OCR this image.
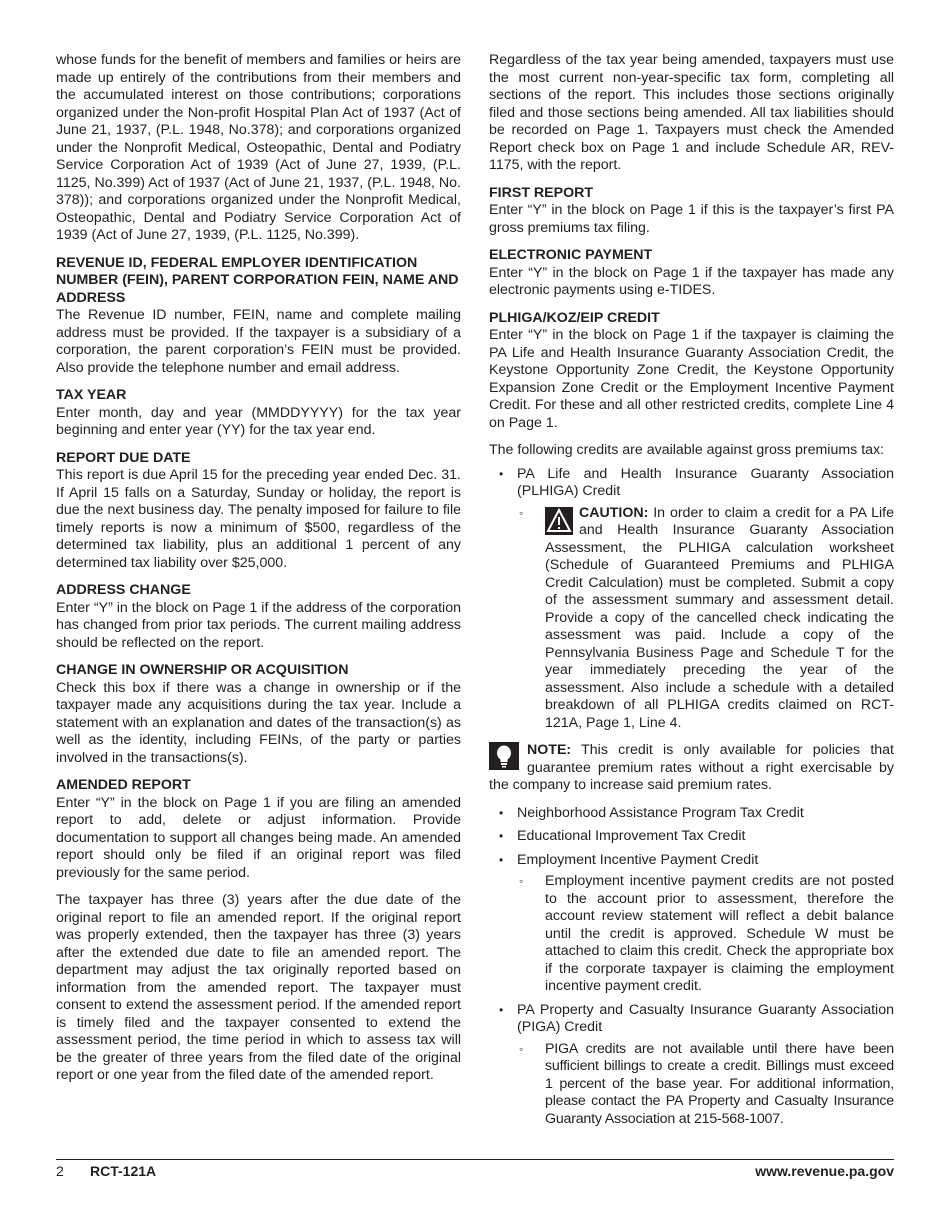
whose funds for the benefit of members and families or heirs are made up entirely of the contributions from their members and the accumulated interest on those contributions; corporations organized under the Non-profit Hospital Plan Act of 1937 (Act of June 21, 1937, (P.L. 1948, No.378); and corporations organized under the Nonprofit Medical, Osteopathic, Dental and Podiatry Service Corporation Act of 1939 (Act of June 27, 1939, (P.L. 1125, No.399) Act of 1937 (Act of June 21, 1937, (P.L. 1948, No. 378)); and corporations organized under the Nonprofit Medical, Osteopathic, Dental and Podiatry Service Corporation Act of 1939 (Act of June 27, 1939, (P.L. 1125, No.399).

REVENUE ID, FEDERAL EMPLOYER IDENTIFICATION NUMBER (FEIN), PARENT CORPORATION FEIN, NAME AND ADDRESS

The Revenue ID number, FEIN, name and complete mailing address must be provided. If the taxpayer is a subsidiary of a corporation, the parent corporation’s FEIN must be provided. Also provide the telephone number and email address.

TAX YEAR

Enter month, day and year (MMDDYYYY) for the tax year beginning and enter year (YY) for the tax year end.

REPORT DUE DATE

This report is due April 15 for the preceding year ended Dec. 31. If April 15 falls on a Saturday, Sunday or holiday, the report is due the next business day. The penalty imposed for failure to file timely reports is now a minimum of $500, regardless of the determined tax liability, plus an additional 1 percent of any determined tax liability over $25,000.

ADDRESS CHANGE

Enter “Y” in the block on Page 1 if the address of the corporation has changed from prior tax periods. The current mailing address should be reflected on the report.

CHANGE IN OWNERSHIP OR ACQUISITION

Check this box if there was a change in ownership or if the taxpayer made any acquisitions during the tax year. Include a statement with an explanation and dates of the transaction(s) as well as the identity, including FEINs, of the party or parties involved in the transactions(s).

AMENDED REPORT

Enter “Y” in the block on Page 1 if you are filing an amended report to add, delete or adjust information. Provide documentation to support all changes being made. An amended report should only be filed if an original report was filed previously for the same period.

The taxpayer has three (3) years after the due date of the original report to file an amended report. If the original report was properly extended, then the taxpayer has three (3) years after the extended due date to file an amended report. The department may adjust the tax originally reported based on information from the amended report. The taxpayer must consent to extend the assessment period. If the amended report is timely filed and the taxpayer consented to extend the assessment period, the time period in which to assess tax will be the greater of three years from the filed date of the original report or one year from the filed date of the amended report.

Regardless of the tax year being amended, taxpayers must use the most current non-year-specific tax form, completing all sections of the report. This includes those sections originally filed and those sections being amended. All tax liabilities should be recorded on Page 1. Taxpayers must check the Amended Report check box on Page 1 and include Schedule AR, REV-1175, with the report.

FIRST REPORT

Enter “Y” in the block on Page 1 if this is the taxpayer’s first PA gross premiums tax filing.

ELECTRONIC PAYMENT

Enter “Y” in the block on Page 1 if the taxpayer has made any electronic payments using e-TIDES.

PLHIGA/KOZ/EIP CREDIT

Enter “Y” in the block on Page 1 if the taxpayer is claiming the PA Life and Health Insurance Guaranty Association Credit, the Keystone Opportunity Zone Credit, the Keystone Opportunity Expansion Zone Credit or the Employment Incentive Payment Credit. For these and all other restricted credits, complete Line 4 on Page 1.

The following credits are available against gross premiums tax:

• PA Life and Health Insurance Guaranty Association (PLHIGA) Credit

◦	CAUTION: In order to claim a credit for a PA Life and Health Insurance Guaranty Association Assessment, the PLHIGA calculation worksheet (Schedule of Guaranteed Premiums and PLHIGA Credit Calculation) must be completed. Submit a copy of the assessment summary and assessment detail. Provide a copy of the cancelled check indicating the assessment was paid. Include a copy of the Pennsylvania Business Page and Schedule T for the year immediately preceding the year of the assessment. Also include a schedule with a detailed breakdown of all PLHIGA credits claimed on RCT-121A, Page 1, Line 4.

NOTE: This credit is only available for policies that guarantee premium rates without a right exercisable by the company to increase said premium rates.

• Neighborhood Assistance Program Tax Credit

• Educational Improvement Tax Credit

• Employment Incentive Payment Credit

◦ Employment incentive payment credits are not posted to the account prior to assessment, therefore the account review statement will reflect a debit balance until the credit is approved. Schedule W must be attached to claim this credit. Check the appropriate box if the corporate taxpayer is claiming the employment incentive payment credit.

• PA Property and Casualty Insurance Guaranty Association (PIGA) Credit

◦ PIGA credits are not available until there have been sufficient billings to create a credit. Billings must exceed 1 percent of the base year. For additional information, please contact the PA Property and Casualty Insurance Guaranty Association at 215-568-1007.

2 RCT-121A	www.revenue.pa.gov
